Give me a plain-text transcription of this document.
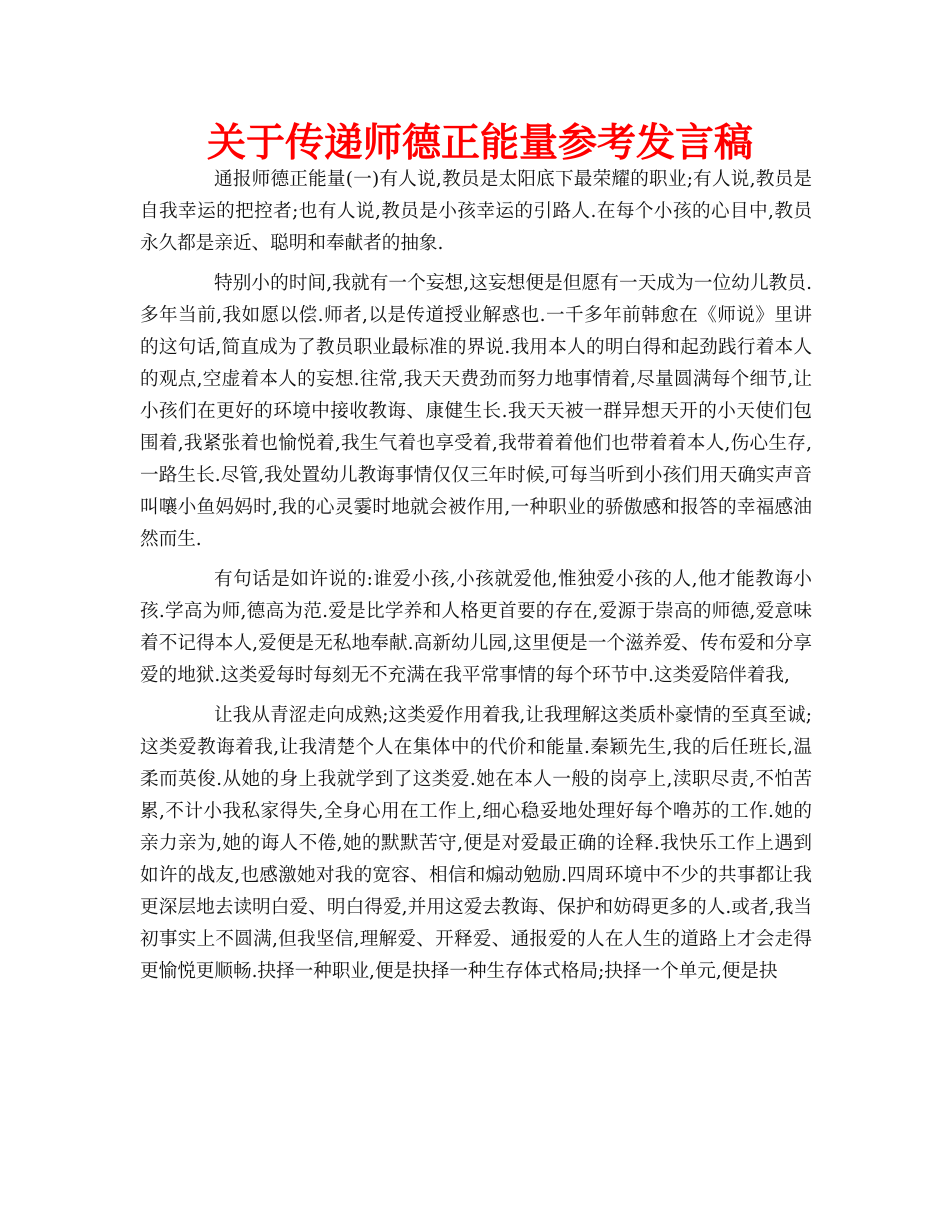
关于传递师德正能量参考发言稿

通报师德正能量(一)有人说,教员是太阳底下最荣耀的职业;有人说,教员是自我幸运的把控者;也有人说,教员是小孩幸运的引路人.在每个小孩的心目中,教员永久都是亲近、聪明和奉献者的抽象.

特别小的时间,我就有一个妄想,这妄想便是但愿有一天成为一位幼儿教员.多年当前,我如愿以偿.师者,以是传道授业解惑也.一千多年前韩愈在《师说》里讲的这句话,简直成为了教员职业最标准的界说.我用本人的明白得和起劲践行着本人的观点,空虚着本人的妄想.往常,我天天费劲而努力地事情着,尽量圆满每个细节,让小孩们在更好的环境中接收教诲、康健生长.我天天被一群异想天开的小天使们包围着,我紧张着也愉悦着,我生气着也享受着,我带着着他们也带着着本人,伤心生存,一路生长.尽管,我处置幼儿教诲事情仅仅三年时候,可每当听到小孩们用天确实声音叫嚷小鱼妈妈时,我的心灵霎时地就会被作用,一种职业的骄傲感和报答的幸福感油然而生.

有句话是如许说的:谁爱小孩,小孩就爱他,惟独爱小孩的人,他才能教诲小孩.学高为师,德高为范.爱是比学养和人格更首要的存在,爱源于崇高的师德,爱意味着不记得本人,爱便是无私地奉献.高新幼儿园,这里便是一个滋养爱、传布爱和分享爱的地狱.这类爱每时每刻无不充满在我平常事情的每个环节中.这类爱陪伴着我,

让我从青涩走向成熟;这类爱作用着我,让我理解这类质朴豪情的至真至诚;这类爱教诲着我,让我清楚个人在集体中的代价和能量.秦颖先生,我的后任班长,温柔而英俊.从她的身上我就学到了这类爱.她在本人一般的岗亭上,渎职尽责,不怕苦累,不计小我私家得失,全身心用在工作上,细心稳妥地处理好每个噜苏的工作.她的亲力亲为,她的诲人不倦,她的默默苦守,便是对爱最正确的诠释.我快乐工作上遇到如许的战友,也感激她对我的宽容、相信和煽动勉励.四周环境中不少的共事都让我更深层地去读明白爱、明白得爱,并用这爱去教诲、保护和妨碍更多的人.或者,我当初事实上不圆满,但我坚信,理解爱、开释爱、通报爱的人在人生的道路上才会走得更愉悦更顺畅.抉择一种职业,便是抉择一种生存体式格局;抉择一个单元,便是抉
